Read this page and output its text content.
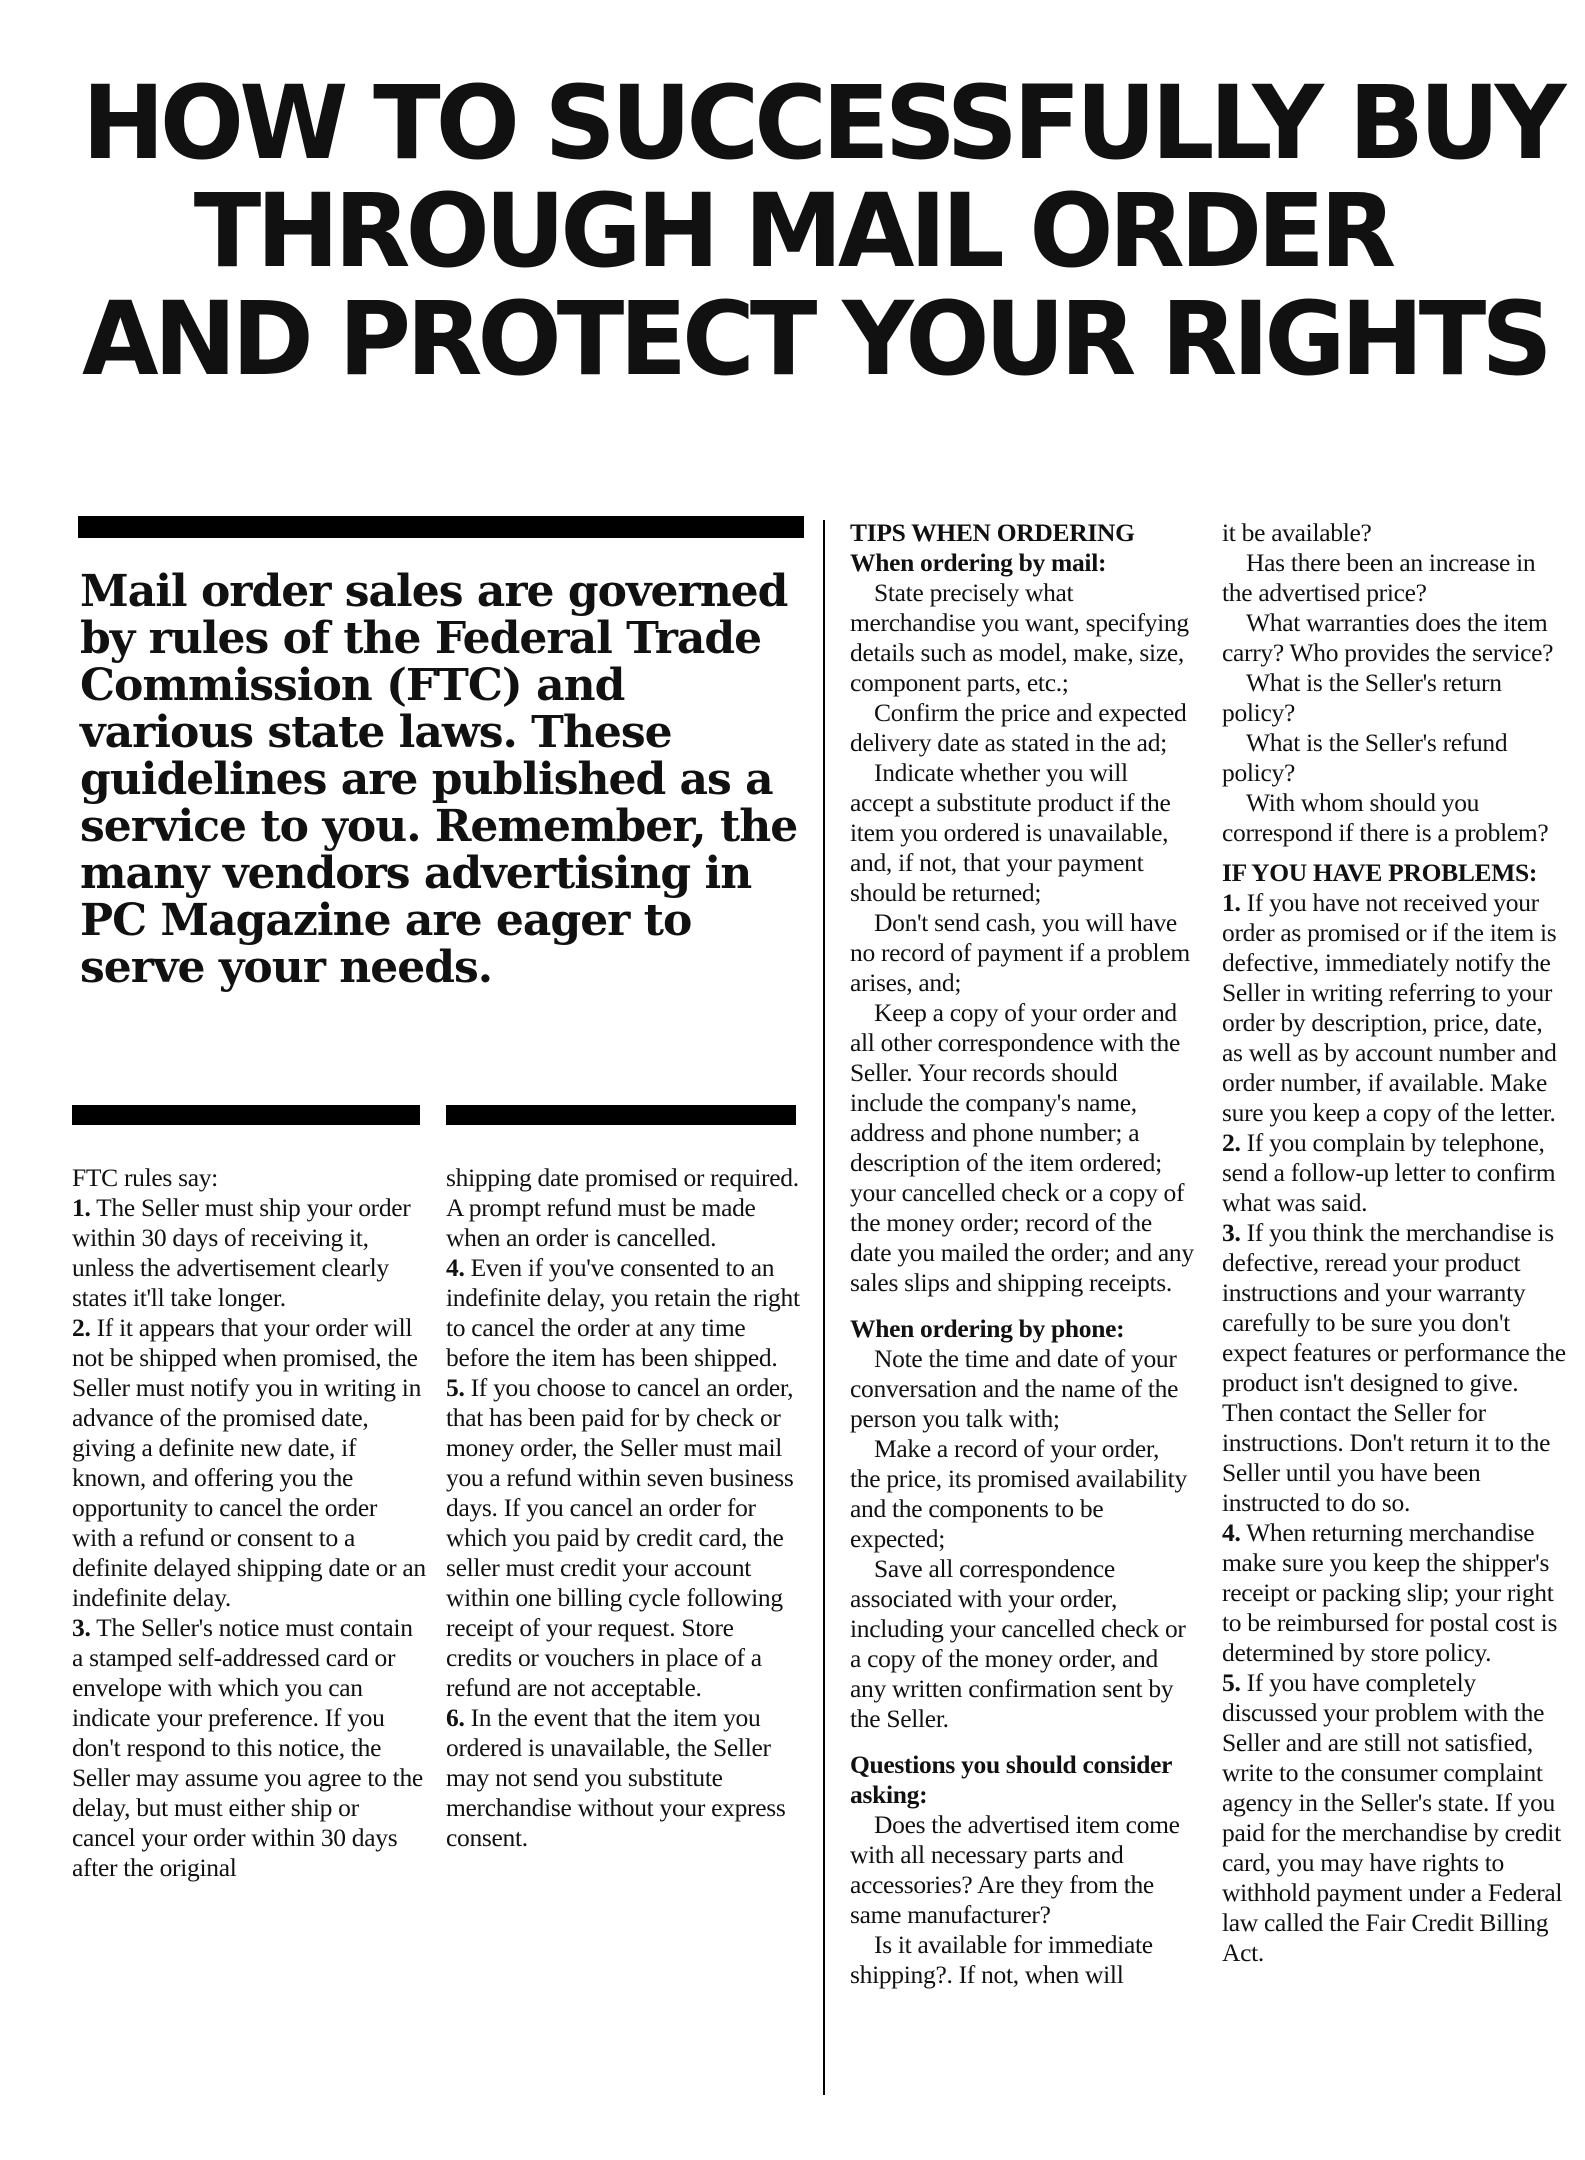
HOW TO SUCCESSFULLY BUY
THROUGH MAIL ORDER
AND PROTECT YOUR RIGHTS

Mail order sales are governed by rules of the Federal Trade Commission (FTC) and various state laws. These guidelines are published as a service to you. Remember, the many vendors advertising in PC Magazine are eager to serve your needs.

FTC rules say:

1. The Seller must ship your order within 30 days of receiving it, unless the advertisement clearly states it'll take longer.

2. If it appears that your order will not be shipped when promised, the Seller must notify you in writing in advance of the promised date, giving a definite new date, if known, and offering you the opportunity to cancel the order with a refund or consent to a definite delayed shipping date or an indefinite delay.

3. The Seller's notice must contain a stamped self-addressed card or envelope with which you can indicate your preference. If you don't respond to this notice, the Seller may assume you agree to the delay, but must either ship or cancel your order within 30 days after the original

shipping date promised or required. A prompt refund must be made when an order is cancelled.

4. Even if you've consented to an indefinite delay, you retain the right to cancel the order at any time before the item has been shipped.

5. If you choose to cancel an order, that has been paid for by check or money order, the Seller must mail you a refund within seven business days. If you cancel an order for which you paid by credit card, the seller must credit your account within one billing cycle following receipt of your request. Store credits or vouchers in place of a refund are not acceptable.

6. In the event that the item you ordered is unavailable, the Seller may not send you substitute merchandise without your express consent.

TIPS WHEN ORDERING

When ordering by mail:

State precisely what merchandise you want, specifying details such as model, make, size, component parts, etc.;

Confirm the price and expected delivery date as stated in the ad;

Indicate whether you will accept a substitute product if the item you ordered is unavailable, and, if not, that your payment should be returned;

Don't send cash, you will have no record of payment if a problem arises, and;

Keep a copy of your order and all other correspondence with the Seller. Your records should include the company's name, address and phone number; a description of the item ordered; your cancelled check or a copy of the money order; record of the date you mailed the order; and any sales slips and shipping receipts.

When ordering by phone:

Note the time and date of your conversation and the name of the person you talk with;

Make a record of your order, the price, its promised availability and the components to be expected;

Save all correspondence associated with your order, including your cancelled check or a copy of the money order, and any written confirmation sent by the Seller.

Questions you should consider asking:

Does the advertised item come with all necessary parts and accessories? Are they from the same manufacturer?

Is it available for immediate shipping?. If not, when will

it be available?

Has there been an increase in the advertised price?

What warranties does the item carry? Who provides the service?

What is the Seller's return policy?

What is the Seller's refund policy?

With whom should you correspond if there is a problem?

IF YOU HAVE PROBLEMS:

1. If you have not received your order as promised or if the item is defective, immediately notify the Seller in writing referring to your order by description, price, date, as well as by account number and order number, if available. Make sure you keep a copy of the letter.

2. If you complain by telephone, send a follow-up letter to confirm what was said.

3. If you think the merchandise is defective, reread your product instructions and your warranty carefully to be sure you don't expect features or performance the product isn't designed to give. Then contact the Seller for instructions. Don't return it to the Seller until you have been instructed to do so.

4. When returning merchandise make sure you keep the shipper's receipt or packing slip; your right to be reimbursed for postal cost is determined by store policy.

5. If you have completely discussed your problem with the Seller and are still not satisfied, write to the consumer complaint agency in the Seller's state. If you paid for the merchandise by credit card, you may have rights to withhold payment under a Federal law called the Fair Credit Billing Act.
